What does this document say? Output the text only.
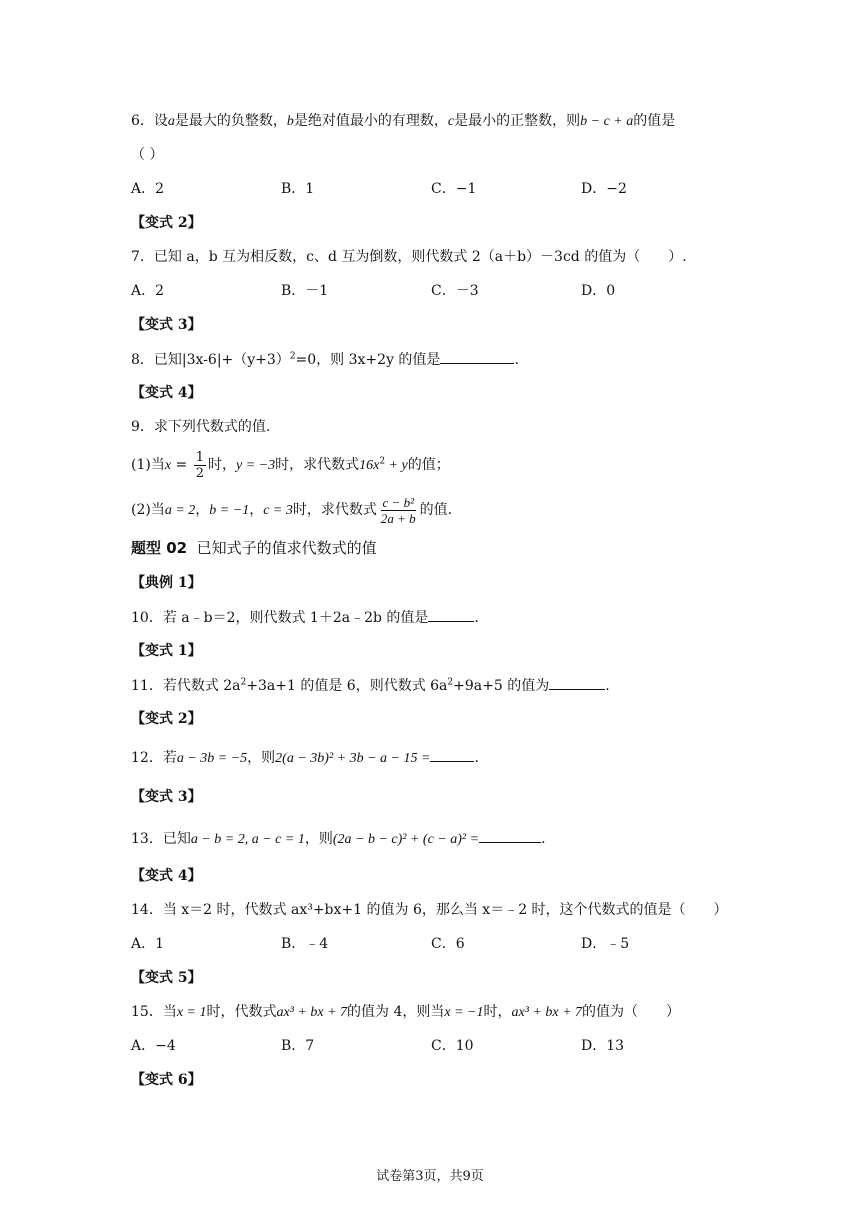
6．设a是最大的负整数，b是绝对值最小的有理数，c是最小的正整数，则b − c + a的值是
（ ）
A．2	B．1	C．−1	D．−2
【变式 2】
7．已知 a，b 互为相反数，c、d 互为倒数，则代数式 2（a＋b）－3cd 的值为（　　）.
A．2	B．－1	C．－3	D．0
【变式 3】
8．已知$|3x-6|+(y+3)^2=0$，则 3x+2y 的值是	.
【变式 4】
9．求下列代数式的值.
(1)当$x = \frac{1}{2}$ 时，y = −3时，求代数式$16x^2 + y$的值；
(2)当a = 2，b = −1，c = 3时，求代数式 $\frac{\text{c − b²}}{2a + b}$ 的值.
题型 02 已知式子的值求代数式的值
【典例 1】
10．若 a﹣b＝2，则代数式 1＋2a﹣2b 的值是	.
【变式 1】
11．若代数式 $2a^2+3a+1$ 的值是 6，则代数式 $6a^2+9a+5$ 的值为	.
【变式 2】
12．若a − 3b = −5，则2(a − 3b)² + 3b − a − 15 =	.
【变式 3】
13．已知a − b = 2, a − c = 1，则(2a − b − c)² + (c − a)² =	.
【变式 4】
14．当 x＝2 时，代数式 ax³+bx+1 的值为 6，那么当 x＝﹣2 时，这个代数式的值是（　　）
A．1	B．﹣4	C．6	D．﹣5
【变式 5】
15．当x = 1时，代数式ax³ + bx + 7的值为 4，则当x = −1时，ax³ + bx + 7的值为（　　）
A．−4	B．7	C．10	D．13
【变式 6】
试卷第3页，共9页
